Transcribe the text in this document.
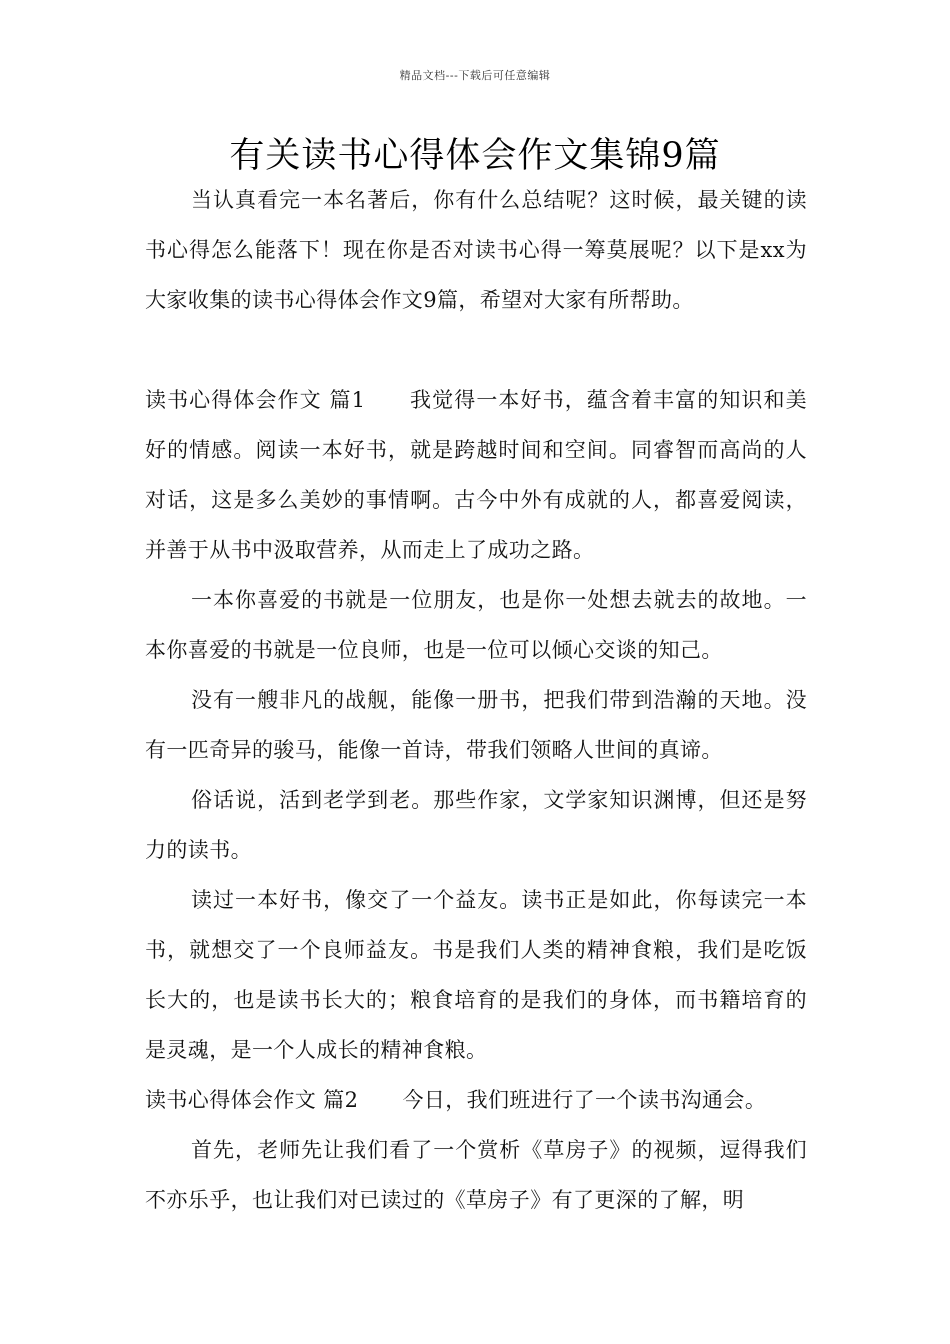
精品文档---下载后可任意编辑
有关读书心得体会作文集锦9篇

当认真看完一本名著后，你有什么总结呢？这时候，最关键的读书心得怎么能落下！现在你是否对读书心得一筹莫展呢？以下是xx为大家收集的读书心得体会作文9篇，希望对大家有所帮助。

读书心得体会作文 篇1 我觉得一本好书，蕴含着丰富的知识和美好的情感。阅读一本好书，就是跨越时间和空间。同睿智而高尚的人对话，这是多么美妙的事情啊。古今中外有成就的人，都喜爱阅读，并善于从书中汲取营养，从而走上了成功之路。

一本你喜爱的书就是一位朋友，也是你一处想去就去的故地。一本你喜爱的书就是一位良师，也是一位可以倾心交谈的知己。

没有一艘非凡的战舰，能像一册书，把我们带到浩瀚的天地。没有一匹奇异的骏马，能像一首诗，带我们领略人世间的真谛。

俗话说，活到老学到老。那些作家，文学家知识渊博，但还是努力的读书。

读过一本好书，像交了一个益友。读书正是如此，你每读完一本书，就想交了一个良师益友。书是我们人类的精神食粮，我们是吃饭长大的，也是读书长大的；粮食培育的是我们的身体，而书籍培育的是灵魂，是一个人成长的精神食粮。

读书心得体会作文 篇2 今日，我们班进行了一个读书沟通会。

首先，老师先让我们看了一个赏析《草房子》的视频，逗得我们不亦乐乎，也让我们对已读过的《草房子》有了更深的了解，明
